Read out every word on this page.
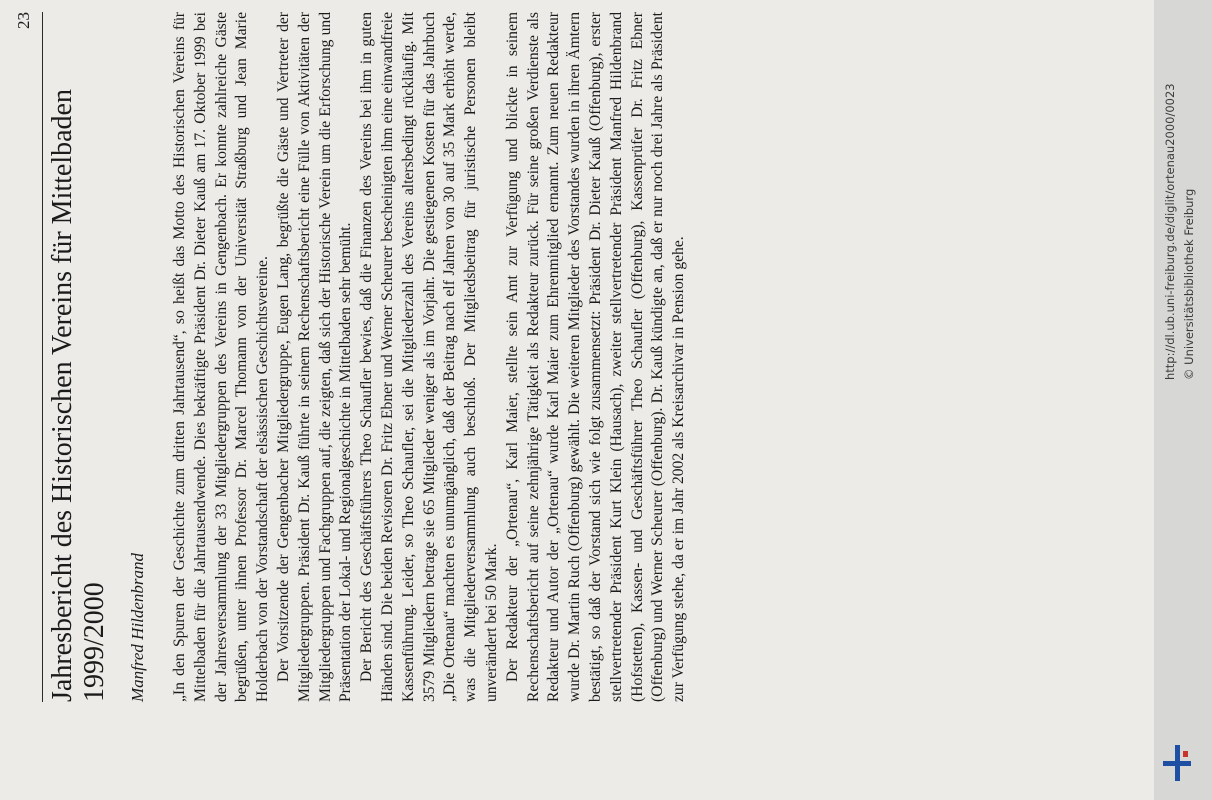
23
Jahresbericht des Historischen Vereins für Mittelbaden 1999/2000 Manfred Hildenbrand „In den Spuren der Geschichte zum dritten Jahrtausend“, so heißt das Motto des Historischen Vereins für Mittelbaden für die Jahrtausendwende. Dies bekräftigte Präsident Dr. Dieter Kauß am 17. Oktober 1999 bei der Jahresversammlung der 33 Mitgliedergruppen des Vereins in Gengenbach. Er konnte zahlreiche Gäste begrüßen, unter ihnen Professor Dr. Marcel Thomann von der Universität Straßburg und Jean Marie Holderbach von der Vorstandschaft der elsässischen Geschichtsvereine. Der Vorsitzende der Gengenbacher Mitgliedergruppe, Eugen Lang, begrüßte die Gäste und Vertreter der Mitgliedergruppen. Präsident Dr. Kauß führte in seinem Rechenschaftsbericht eine Fülle von Aktivitäten der Mitgliedergruppen und Fachgruppen auf, die zeigten, daß sich der Historische Verein um die Erforschung und Präsentation der Lokal- und Regionalgeschichte in Mittelbaden sehr bemüht. Der Bericht des Geschäftsführers Theo Schaufler bewies, daß die Finanzen des Vereins bei ihm in guten Händen sind. Die beiden Revisoren Dr. Fritz Ebner und Werner Scheurer bescheinigten ihm eine einwandfreie Kassenführung. Leider, so Theo Schaufler, sei die Mitgliederzahl des Vereins altersbedingt rückläufig. Mit 3579 Mitgliedern betrage sie 65 Mitglieder weniger als im Vorjahr. Die gestiegenen Kosten für das Jahrbuch „Die Ortenau“ machten es unumgänglich, daß der Beitrag nach elf Jahren von 30 auf 35 Mark erhöht werde, was die Mitgliederversammlung auch beschloß. Der Mitgliedsbeitrag für juristische Personen bleibt unverändert bei 50 Mark. Der Redakteur der „Ortenau“, Karl Maier, stellte sein Amt zur Verfügung und blickte in seinem Rechenschaftsbericht auf seine zehnjährige Tätigkeit als Redakteur zurück. Für seine großen Verdienste als Redakteur und Autor der „Ortenau“ wurde Karl Maier zum Ehrenmitglied ernannt. Zum neuen Redakteur wurde Dr. Martin Ruch (Offenburg) gewählt. Die weiteren Mitglieder des Vorstandes wurden in ihren Ämtern bestätigt, so daß der Vorstand sich wie folgt zusammensetzt: Präsident Dr. Dieter Kauß (Offenburg), erster stellvertretender Präsident Kurt Klein (Hausach), zweiter stellvertretender Präsident Manfred Hildenbrand (Hofstetten), Kassen- und Geschäftsführer Theo Schaufler (Offenburg), Kassenprüfer Dr. Fritz Ebner (Offenburg) und Werner Scheurer (Offenburg). Dr. Kauß kündigte an, daß er nur noch drei Jahre als Präsident zur Verfügung stehe, da er im Jahr 2002 als Kreisarchivar in Pension gehe.

http://dl.ub.uni-freiburg.de/diglit/ortenau2000/0023 © Universitätsbibliothek Freiburg
